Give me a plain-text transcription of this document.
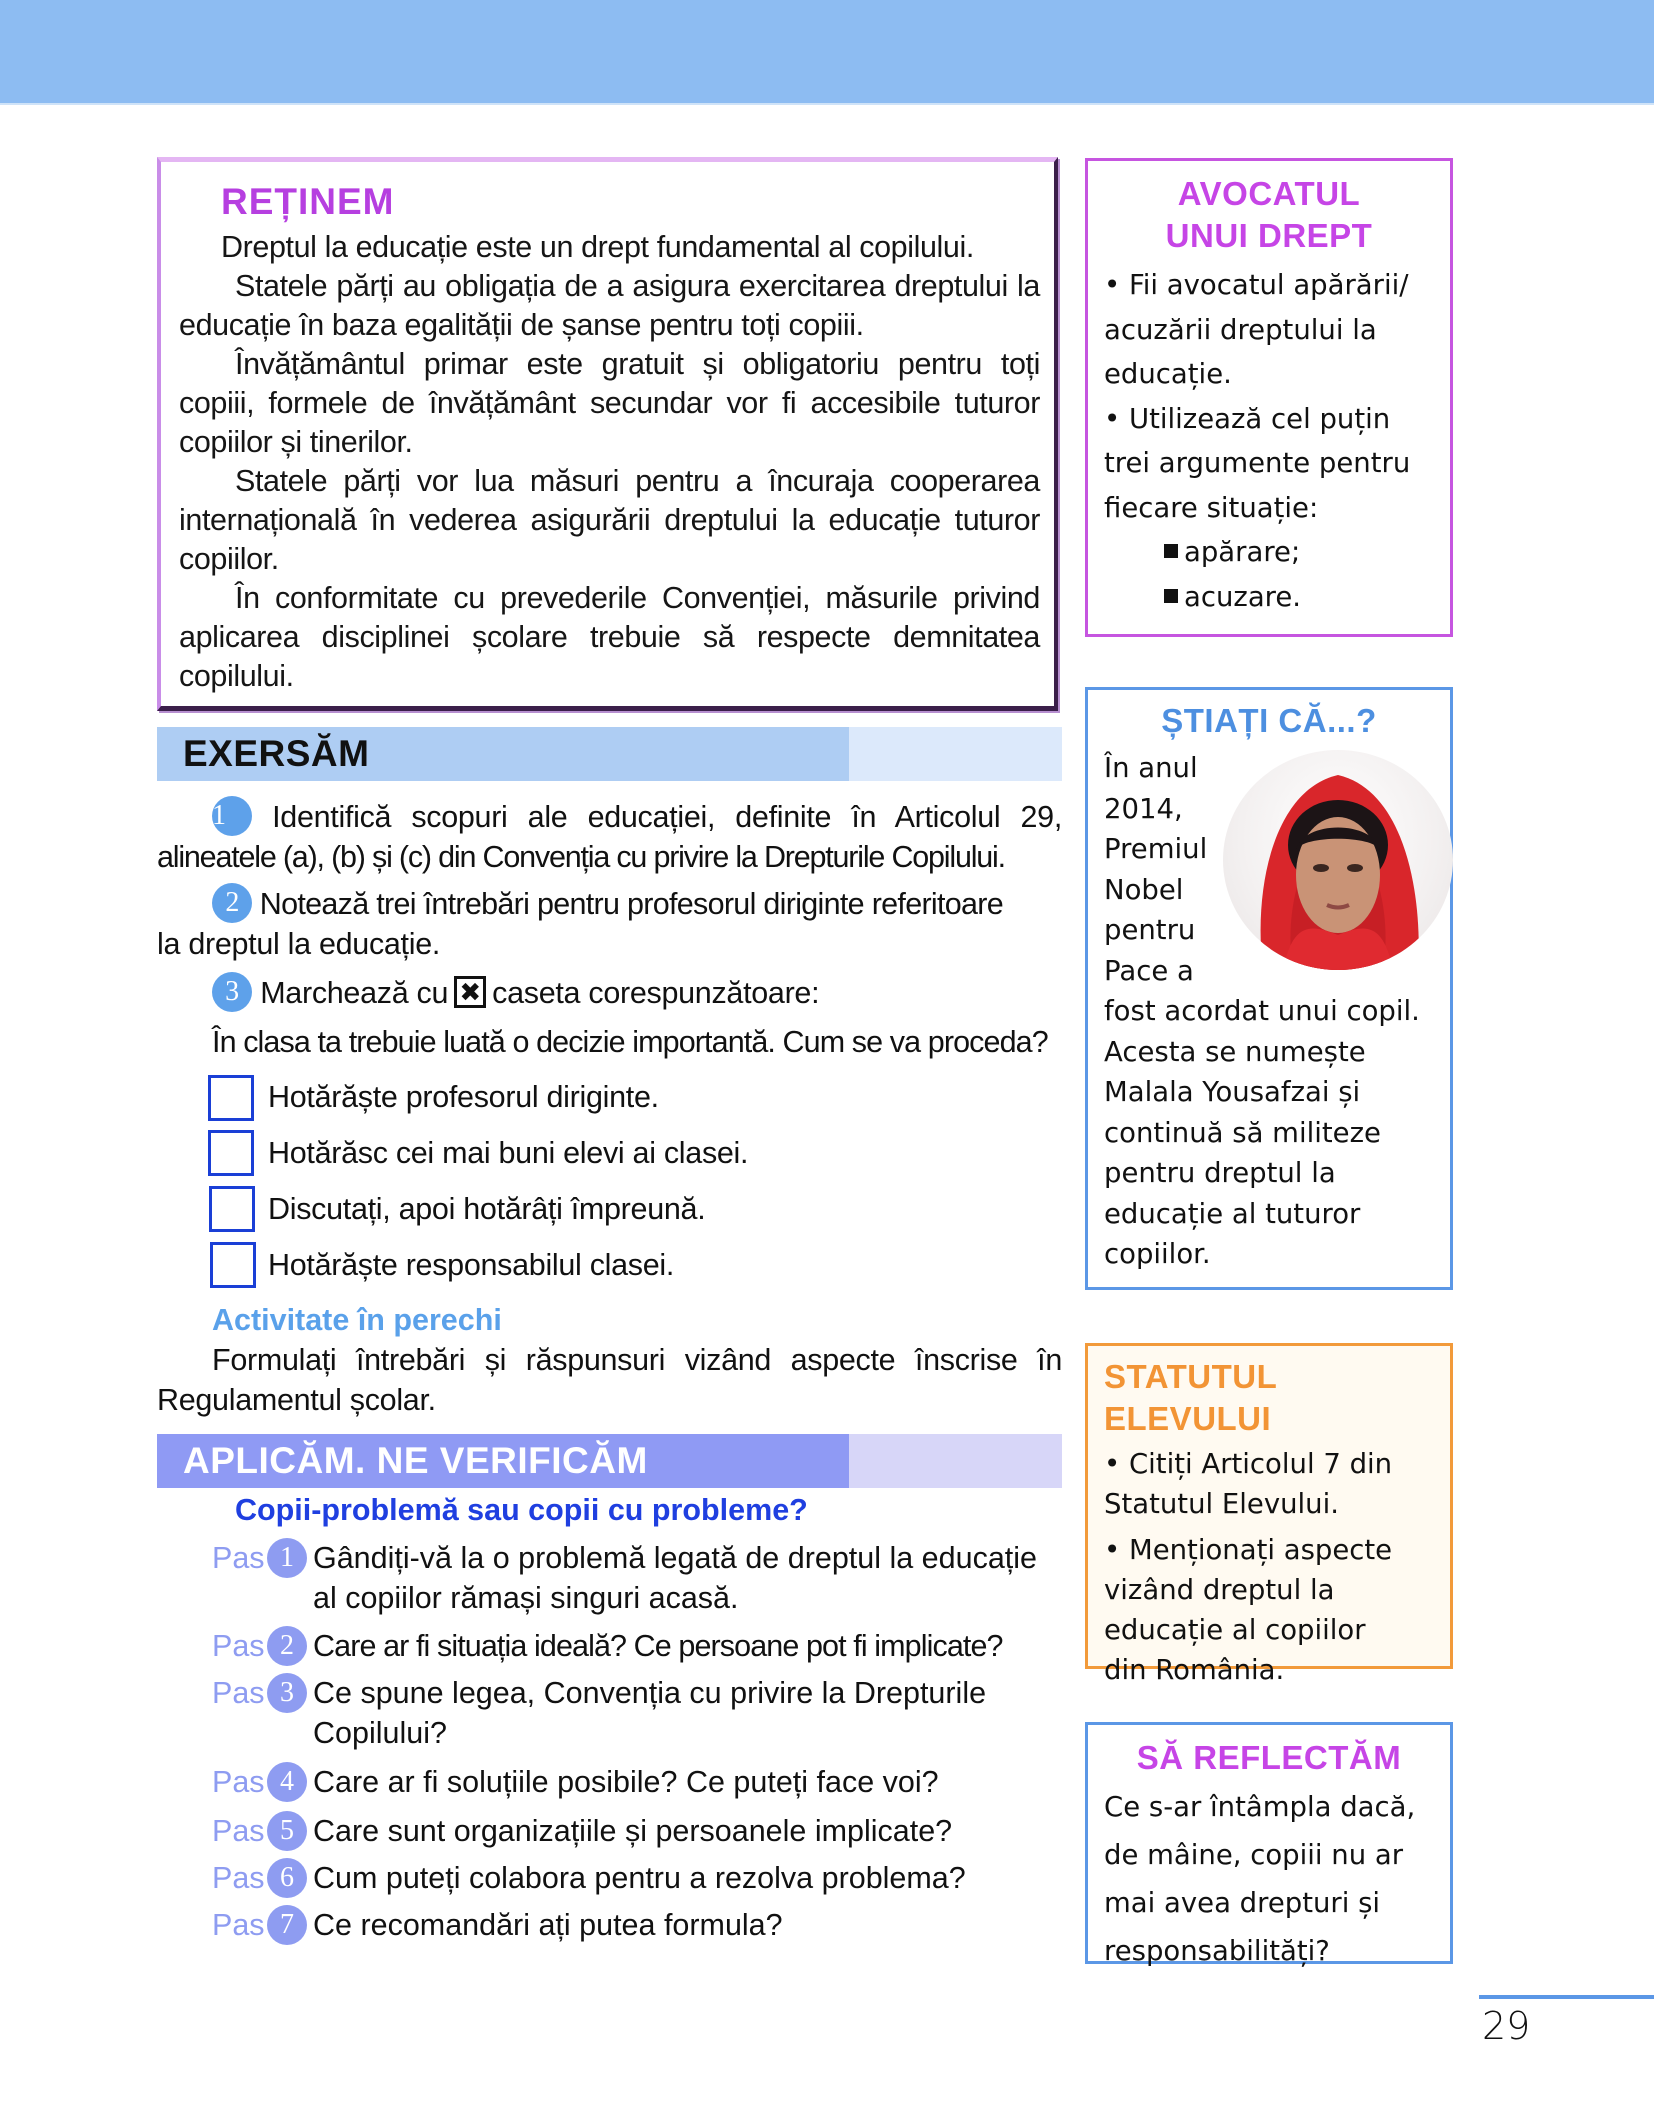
REȚINEM

Dreptul la educație este un drept fundamental al copilului.

Statele părți au obligația de a asigura exercitarea dreptului la educație în baza egalității de șanse pentru toți copiii.

Învățământul primar este gratuit și obligatoriu pentru toți copiii, formele de învățământ secundar vor fi accesibile tuturor copiilor și tinerilor.

Statele părți vor lua măsuri pentru a încuraja cooperarea internațională în vederea asigurării dreptului la educație tuturor copiilor.

În conformitate cu prevederile Convenției, măsurile privind aplicarea disciplinei școlare trebuie să respecte demnitatea copilului.

EXERSĂM
1 Identifică scopuri ale educației, definite în Articolul 29,
alineatele (a), (b) și (c) din Convenția cu privire la Drepturile Copilului.
2 Notează trei întrebări pentru profesorul diriginte referitoare
la dreptul la educație.
3 Marchează cu ✖ caseta corespunzătoare:
În clasa ta trebuie luată o decizie importantă. Cum se va proceda?
Hotărăște profesorul diriginte.
Hotărăsc cei mai buni elevi ai clasei.
Discutați, apoi hotărâți împreună.
Hotărăște responsabilul clasei.
Activitate în perechi
Formulați întrebări și răspunsuri vizând aspecte înscrise în
Regulamentul școlar.
APLICĂM. NE VERIFICĂM
Copii-problemă sau copii cu probleme?
Pas 1 Gândiți-vă la o problemă legată de dreptul la educație
al copiilor rămași singuri acasă.
Pas 2 Care ar fi situația ideală? Ce persoane pot fi implicate?
Pas 3 Ce spune legea, Convenția cu privire la Drepturile
Copilului?
Pas 4 Care ar fi soluțiile posibile? Ce puteți face voi?
Pas 5 Care sunt organizațiile și persoanele implicate?
Pas 6 Cum puteți colabora pentru a rezolva problema?
Pas 7 Ce recomandări ați putea formula?
AVOCATUL
UNUI DREPT
• Fii avocatul apărării/
acuzării dreptului la
educație.
• Utilizează cel puțin
trei argumente pentru
fiecare situație:
apărare;
acuzare.
ȘTIAȚI CĂ...?
În anul
2014,
Premiul
Nobel
pentru
Pace a
fost acordat unui copil.
Acesta se numește
Malala Yousafzai și
continuă să militeze
pentru dreptul la
educație al tuturor
copiilor.
STATUTUL ELEVULUI
• Citiți Articolul 7 din
Statutul Elevului.
• Menționați aspecte
vizând dreptul la
educație al copiilor
din România.
SĂ REFLECTĂM
Ce s-ar întâmpla dacă,
de mâine, copiii nu ar
mai avea drepturi și
responsabilități?
29
